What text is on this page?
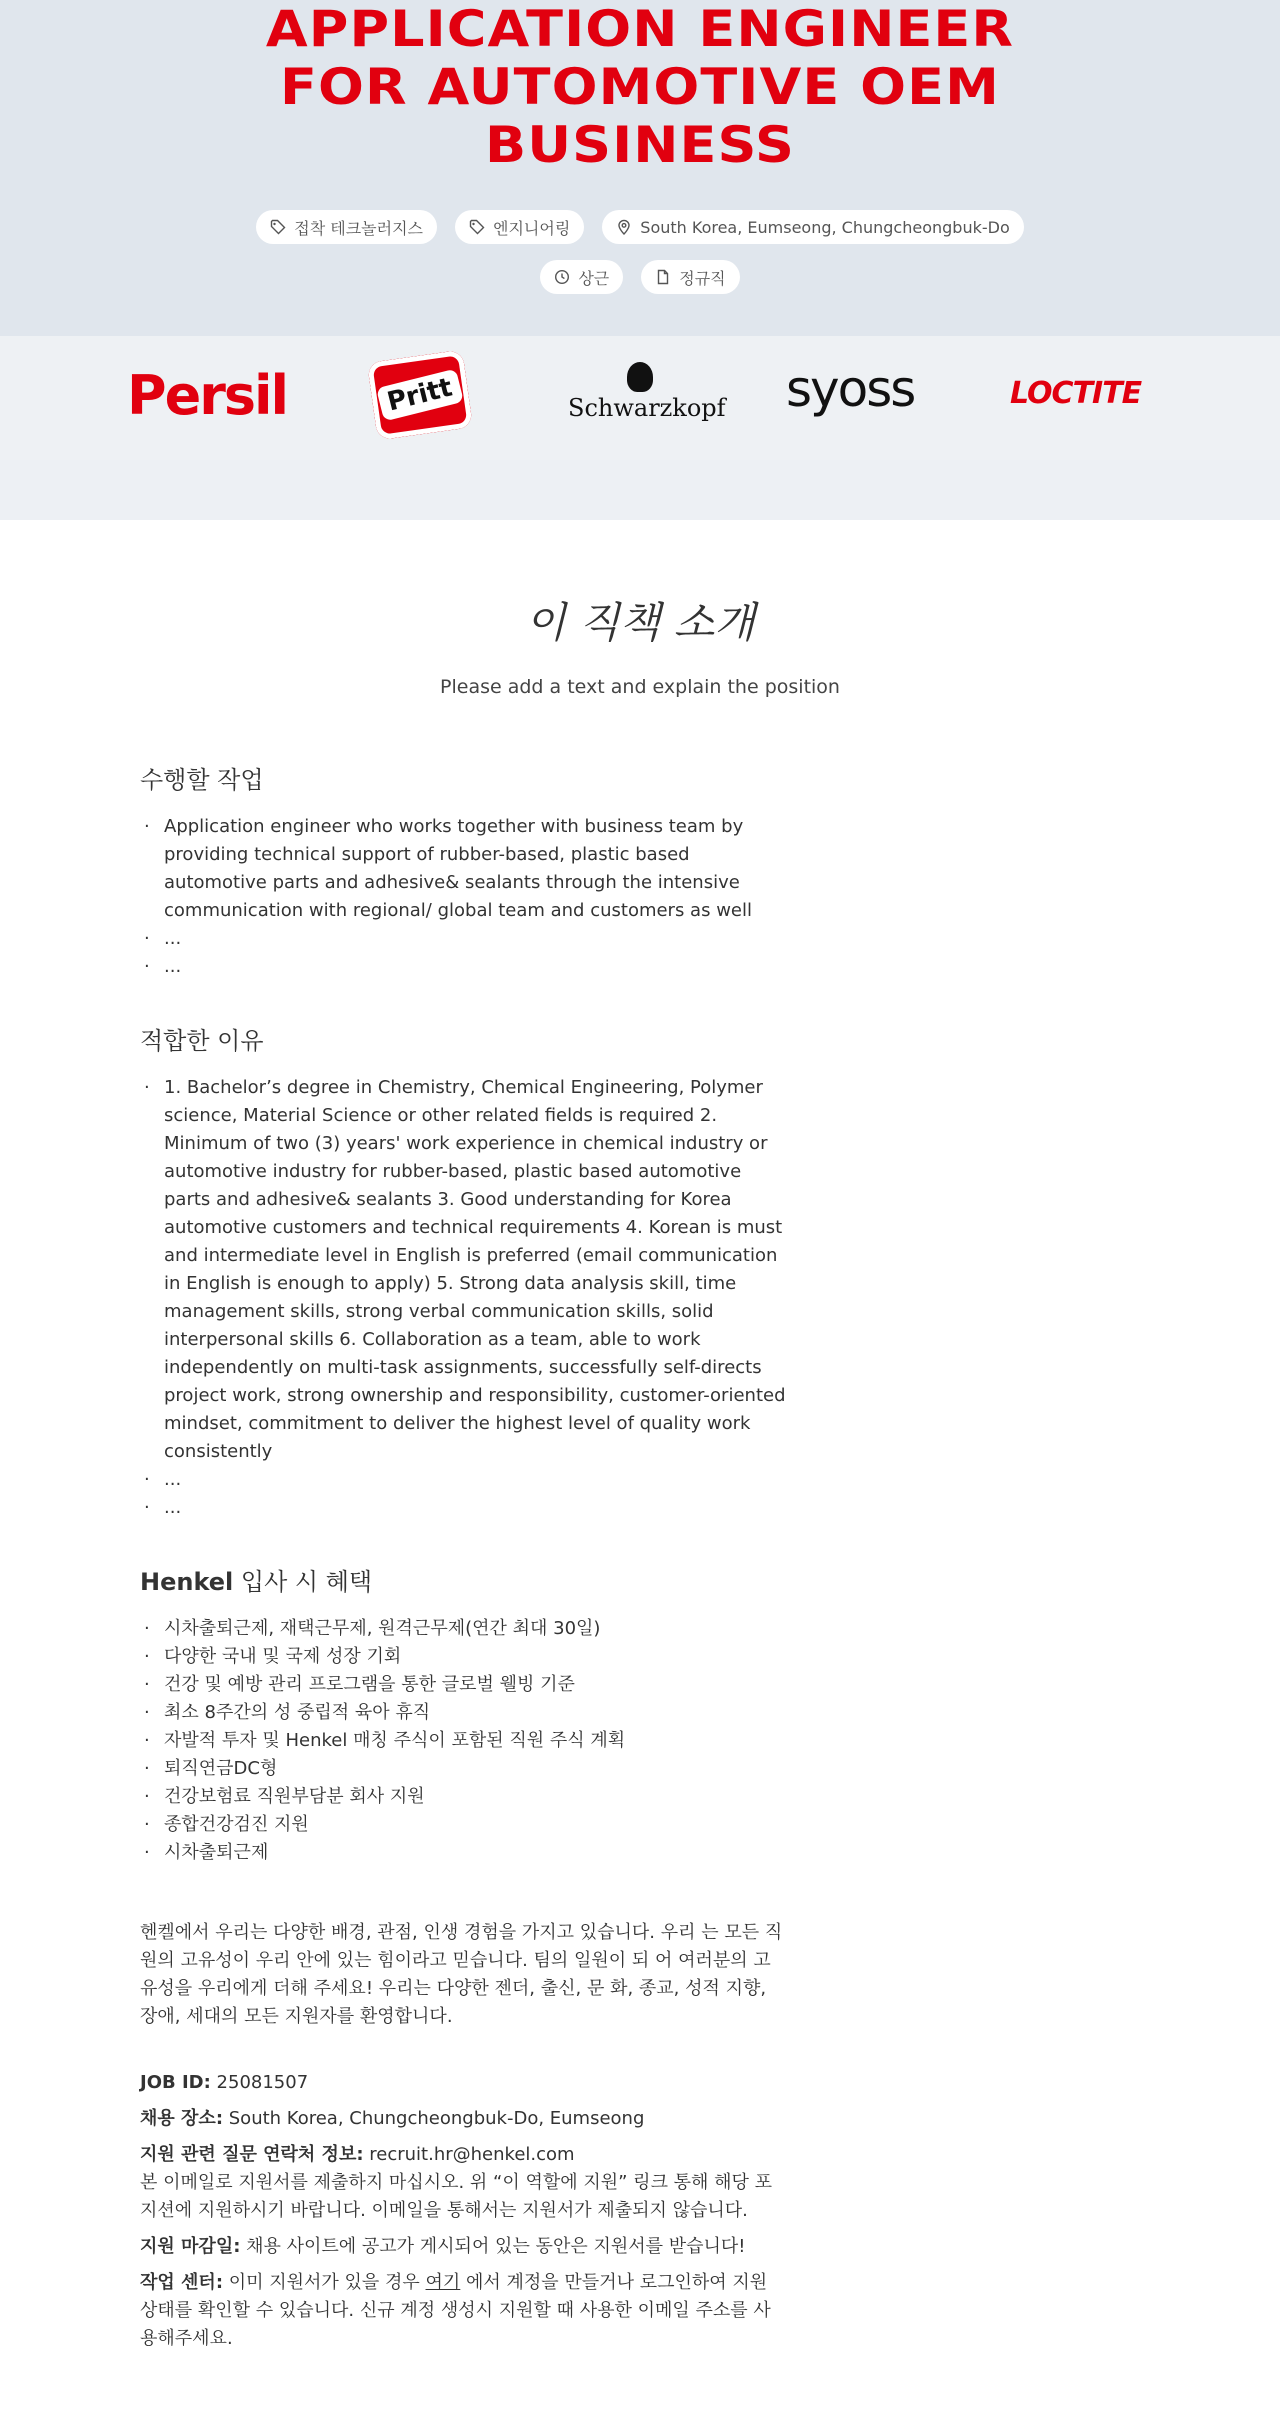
APPLICATION ENGINEER
FOR AUTOMOTIVE OEM
BUSINESS
접착 테크놀러지스	엔지니어링	South Korea, Eumseong, Chungcheongbuk-Do
상근	정규직
Persil	Pritt	Schwarzkopf syoss	LOCTITE
이 직책 소개

Please add a text and explain the position

수행할 작업
· Application engineer who works together with business team by providing technical support of rubber-based, plastic based automotive parts and adhesive& sealants through the intensive communication with regional/ global team and customers as well
· ...
· ...
적합한 이유
· 1. Bachelor’s degree in Chemistry, Chemical Engineering, Polymer science, Material Science or other related fields is required 2. Minimum of two (3) years' work experience in chemical industry or automotive industry for rubber-based, plastic based automotive parts and adhesive& sealants 3. Good understanding for Korea automotive customers and technical requirements 4. Korean is must and intermediate level in English is preferred (email communication in English is enough to apply) 5. Strong data analysis skill, time management skills, strong verbal communication skills, solid interpersonal skills 6. Collaboration as a team, able to work independently on multi-task assignments, successfully self-directs project work, strong ownership and responsibility, customer-oriented mindset, commitment to deliver the highest level of quality work consistently
· ...
· ...
Henkel 입사 시 혜택
· 시차출퇴근제, 재택근무제, 원격근무제(연간 최대 30일)
· 다양한 국내 및 국제 성장 기회
· 건강 및 예방 관리 프로그램을 통한 글로벌 웰빙 기준
· 최소 8주간의 성 중립적 육아 휴직
· 자발적 투자 및 Henkel 매칭 주식이 포함된 직원 주식 계획
· 퇴직연금DC형
· 건강보험료 직원부담분 회사 지원
· 종합건강검진 지원
· 시차출퇴근제

헨켈에서 우리는 다양한 배경, 관점, 인생 경험을 가지고 있습니다. 우리 는 모든 직원의 고유성이 우리 안에 있는 힘이라고 믿습니다. 팀의 일원이 되 어 여러분의 고유성을 우리에게 더해 주세요! 우리는 다양한 젠더, 출신, 문 화, 종교, 성적 지향, 장애, 세대의 모든 지원자를 환영합니다.

JOB ID: 25081507

채용 장소: South Korea, Chungcheongbuk-Do, Eumseong

지원 관련 질문 연락처 정보: recruit.hr@henkel.com
본 이메일로 지원서를 제출하지 마십시오. 위 “이 역할에 지원” 링크 통해 해당 포지션에 지원하시기 바랍니다. 이메일을 통해서는 지원서가 제출되지 않습니다.

지원 마감일: 채용 사이트에 공고가 게시되어 있는 동안은 지원서를 받습니다!

작업 센터: 이미 지원서가 있을 경우 여기 에서 계정을 만들거나 로그인하여 지원 상태를 확인할 수 있습니다. 신규 계정 생성시 지원할 때 사용한 이메일 주소를 사용해주세요.
